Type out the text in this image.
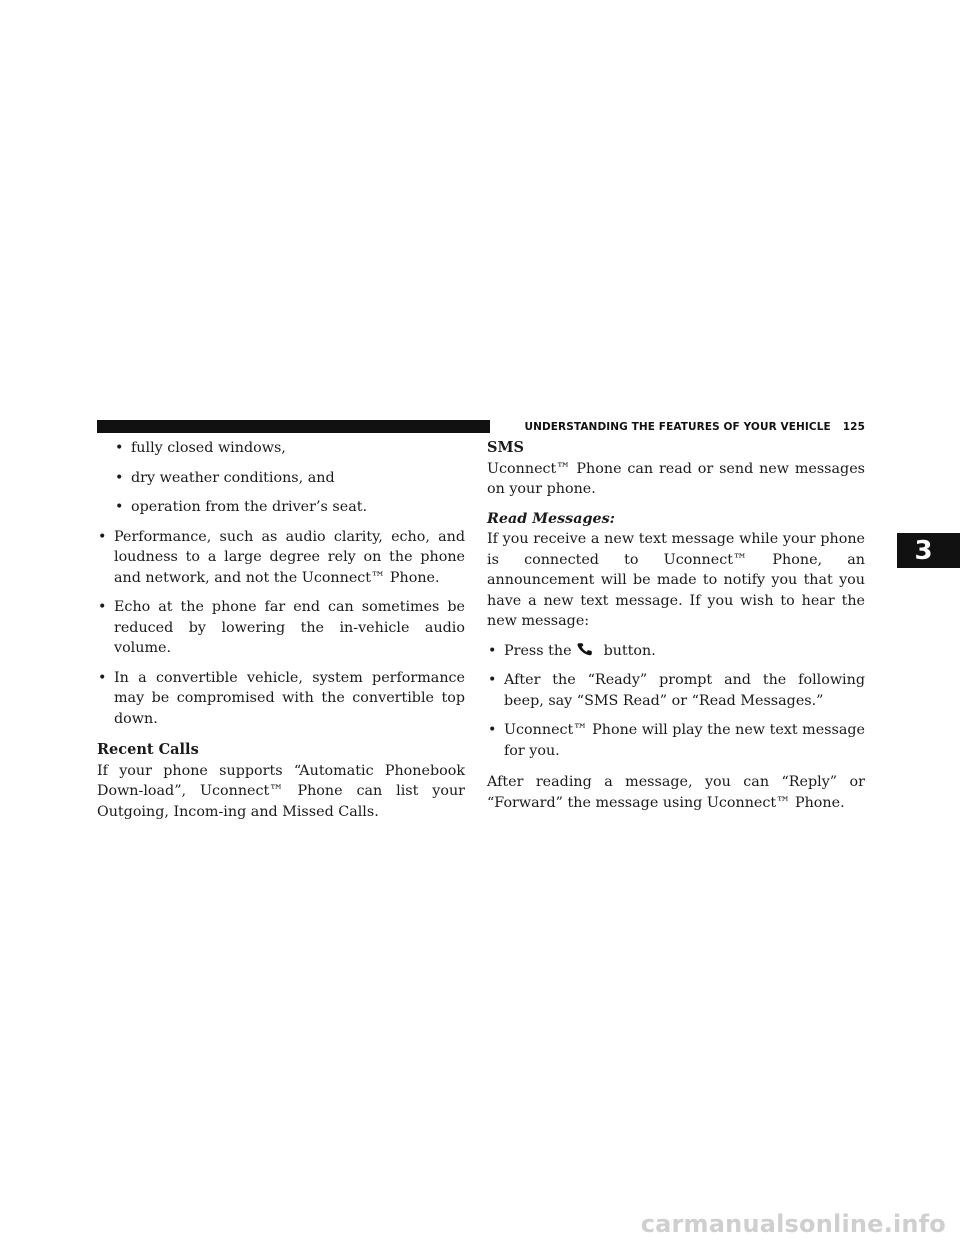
UNDERSTANDING THE FEATURES OF YOUR VEHICLE 125
• fully closed windows,
• dry weather conditions, and
• operation from the driver’s seat.
• Performance, such as audio clarity, echo, and loudness to a large degree rely on the phone and network, and not the Uconnect™ Phone.
• Echo at the phone far end can sometimes be reduced by lowering the in-vehicle audio volume.
• In a convertible vehicle, system performance may be compromised with the convertible top down.
Recent Calls

If your phone supports “Automatic Phonebook Down-load”, Uconnect™ Phone can list your Outgoing, Incom-ing and Missed Calls.

SMS

Uconnect™ Phone can read or send new messages on your phone.

Read Messages:

If you receive a new text message while your phone is connected to Uconnect™ Phone, an announcement will be made to notify you that you have a new text message. If you wish to hear the new message:

• Press the button.
• After the “Ready” prompt and the following beep, say “SMS Read” or “Read Messages.”
• Uconnect™ Phone will play the new text message for you.

After reading a message, you can “Reply” or “Forward” the message using Uconnect™ Phone.

3
carmanualsonline.info
